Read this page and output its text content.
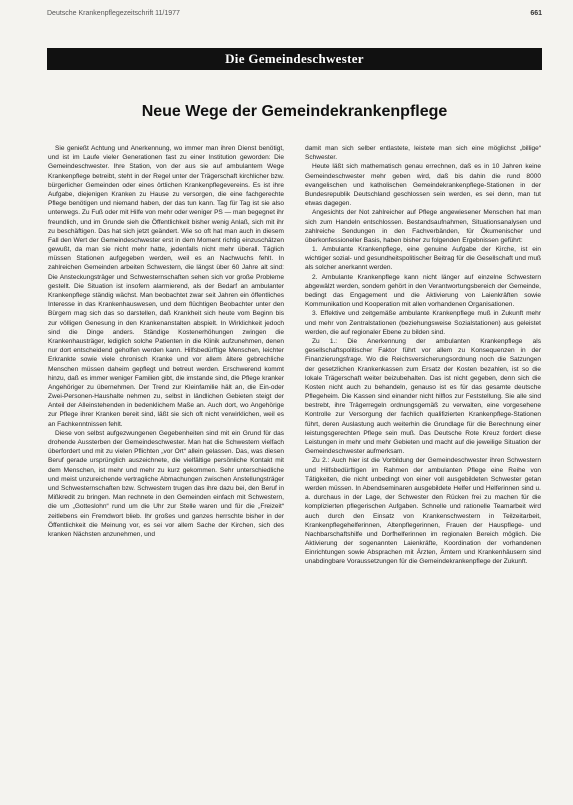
Deutsche Krankenpflegezeitschrift 11/1977	661
Die Gemeindeschwester
Neue Wege der Gemeindekrankenpflege

Sie genießt Achtung und Anerkennung, wo immer man ihren Dienst benötigt, und ist im Laufe vieler Generationen fast zu einer Institution geworden: Die Gemeindeschwester. Ihre Station, von der aus sie auf ambulantem Wege Krankenpflege betreibt, steht in der Regel unter der Trägerschaft kirchlicher bzw. bürgerlicher Gemeinden oder eines örtlichen Krankenpflegevereins. Es ist ihre Aufgabe, diejenigen Kranken zu Hause zu versorgen, die eine fachgerechte Pflege benötigen und niemand haben, der das tun kann. Tag für Tag ist sie also unterwegs. Zu Fuß oder mit Hilfe von mehr oder weniger PS — man begegnet ihr freundlich, und im Grunde sieh die Öffentlichkeit bisher wenig Anlaß, sich mit ihr zu beschäftigen. Das hat sich jetzt geändert. Wie so oft hat man auch in diesem Fall den Wert der Gemeindeschwester erst in dem Moment richtig einzuschätzen gewußt, da man sie nicht mehr hatte, jedenfalls nicht mehr überall. Täglich müssen Stationen aufgegeben werden, weil es an Nachwuchs fehlt. In zahlreichen Gemeinden arbeiten Schwestern, die längst über 60 Jahre alt sind: Die Ansteckungsträger und Schwesternschaften sehen sich vor große Probleme gestellt. Die Situation ist insofern alarmierend, als der Bedarf an ambulanter Krankenpflege ständig wächst. Man beobachtet zwar seit Jahren ein öffentliches Interesse in das Krankenhauswesen, und dem flüchtigen Beobachter unter den Bürgern mag sich das so darstellen, daß Krankheit sich heute vom Beginn bis zur völligen Genesung in den Krankenanstalten abspielt. In Wirklichkeit jedoch sind die Dinge anders. Ständige Kostenerhöhungen zwingen die Krankenhausträger, lediglich solche Patienten in die Klinik aufzunehmen, denen nur dort entscheidend geholfen werden kann. Hilfsbedürftige Menschen, leichter Erkrankte sowie viele chronisch Kranke und vor allem ältere gebrechliche Menschen müssen daheim gepflegt und betreut werden. Erschwerend kommt hinzu, daß es immer weniger Familien gibt, die imstande sind, die Pflege kranker Angehöriger zu übernehmen. Der Trend zur Kleinfamilie hält an, die Ein-oder Zwei-Personen-Haushalte nehmen zu, selbst in ländlichen Gebieten steigt der Anteil der Alleinstehenden in bedenklichem Maße an. Auch dort, wo Angehörige zur Pflege ihrer Kranken bereit sind, läßt sie sich oft nicht verwirklichen, weil es an Fachkenntnissen fehlt.

Diese von selbst aufgezwungenen Gegebenheiten sind mit ein Grund für das drohende Aussterben der Gemeindeschwester. Man hat die Schwestern vielfach überfordert und mit zu vielen Pflichten „vor Ort“ allein gelassen. Das, was diesen Beruf gerade ursprünglich auszeichnete, die vielfältige persönliche Kontakt mit dem Menschen, ist mehr und mehr zu kurz gekommen. Sehr unterschiedliche und meist unzureichende vertragliche Abmachungen zwischen Anstellungsträger und Schwesternschaften bzw. Schwestern trugen das ihre dazu bei, den Beruf in Mißkredit zu bringen. Man rechnete in den Gemeinden einfach mit Schwestern, die um „Gotteslohn“ rund um die Uhr zur Stelle waren und für die „Freizeit“ zeitlebens ein Fremdwort blieb. Ihr großes und ganzes herrschte bisher in der Öffentlichkeit die Meinung vor, es sei vor allem Sache der Kirchen, sich des kranken Nächsten anzunehmen, und

damit man sich selber entlastete, leistete man sich eine möglichst „billige“ Schwester.

Heute läßt sich mathematisch genau errechnen, daß es in 10 Jahren keine Gemeindeschwester mehr geben wird, daß bis dahin die rund 8000 evangelischen und katholischen Gemeindekrankenpflege-Stationen in der Bundesrepublik Deutschland geschlossen sein werden, es sei denn, man tut etwas dagegen.

Angesichts der Not zahlreicher auf Pflege angewiesener Menschen hat man sich zum Handeln entschlossen. Bestandsaufnahmen, Situationsanalysen und zahlreiche Sendungen in den Fachverbänden, für Ökumenischer und überkonfessioneller Basis, haben bisher zu folgenden Ergebnissen geführt:

1. Ambulante Krankenpflege, eine genuine Aufgabe der Kirche, ist ein wichtiger sozial- und gesundheitspolitischer Beitrag für die Gesellschaft und muß als solcher anerkannt werden.

2. Ambulante Krankenpflege kann nicht länger auf einzelne Schwestern abgewälzt werden, sondern gehört in den Verantwortungsbereich der Gemeinde, bedingt das Engagement und die Aktivierung von Laienkräften sowie Kommunikation und Kooperation mit allen vorhandenen Organisationen.

3. Effektive und zeitgemäße ambulante Krankenpflege muß in Zukunft mehr und mehr von Zentralstationen (beziehungsweise Sozialstationen) aus geleistet werden, die auf regionaler Ebene zu bilden sind.

Zu 1.: Die Anerkennung der ambulanten Krankenpflege als gesellschaftspolitischer Faktor führt vor allem zu Konsequenzen in der Finanzierungsfrage. Wo die Reichsversicherungsordnung noch die Satzungen der gesetzlichen Krankenkassen zum Ersatz der Kosten bezahlen, ist so die lokale Trägerschaft weiter beizubehalten. Das ist nicht gegeben, denn sich die Kosten nicht auch zu behandeln, genauso ist es für das gesamte deutsche Pflegeheim. Die Kassen sind einander nicht hilflos zur Feststellung. Sie alle sind bestrebt, ihre Trägerregeln ordnungsgemäß zu verwalten, eine vorgesehene Kontrolle zur Versorgung der fachlich qualifizierten Krankenpflege-Stationen führt, deren Auslastung auch weiterhin die Grundlage für die Berechnung einer leistungsgerechten Pflege sein muß. Das Deutsche Rote Kreuz fordert diese Leistungen in mehr und mehr Gebieten und macht auf die jeweilige Situation der Gemeindeschwester aufmerksam.

Zu 2.: Auch hier ist die Vorbildung der Gemeindeschwester ihren Schwestern und Hilfsbedürftigen im Rahmen der ambulanten Pflege eine Reihe von Tätigkeiten, die nicht unbedingt von einer voll ausgebildeten Schwester getan werden müssen. In Abendseminaren ausgebildete Helfer und Helferinnen sind u. a. durchaus in der Lage, der Schwester den Rücken frei zu machen für die komplizierten pflegerischen Aufgaben. Schnelle und rationelle Teamarbeit wird auch durch den Einsatz von Krankenschwestern in Teilzeitarbeit, Krankenpflegehelferinnen, Altenpflegerinnen, Frauen der Hauspflege- und Nachbarschaftshilfe und Dorfhelferinnen im regionalen Bereich möglich. Die Aktivierung der sogenannten Laienkräfte, Koordination der vorhandenen Einrichtungen sowie Absprachen mit Ärzten, Ämtern und Krankenhäusern sind unabdingbare Voraussetzungen für die Gemeindekrankenpflege der Zukunft.
